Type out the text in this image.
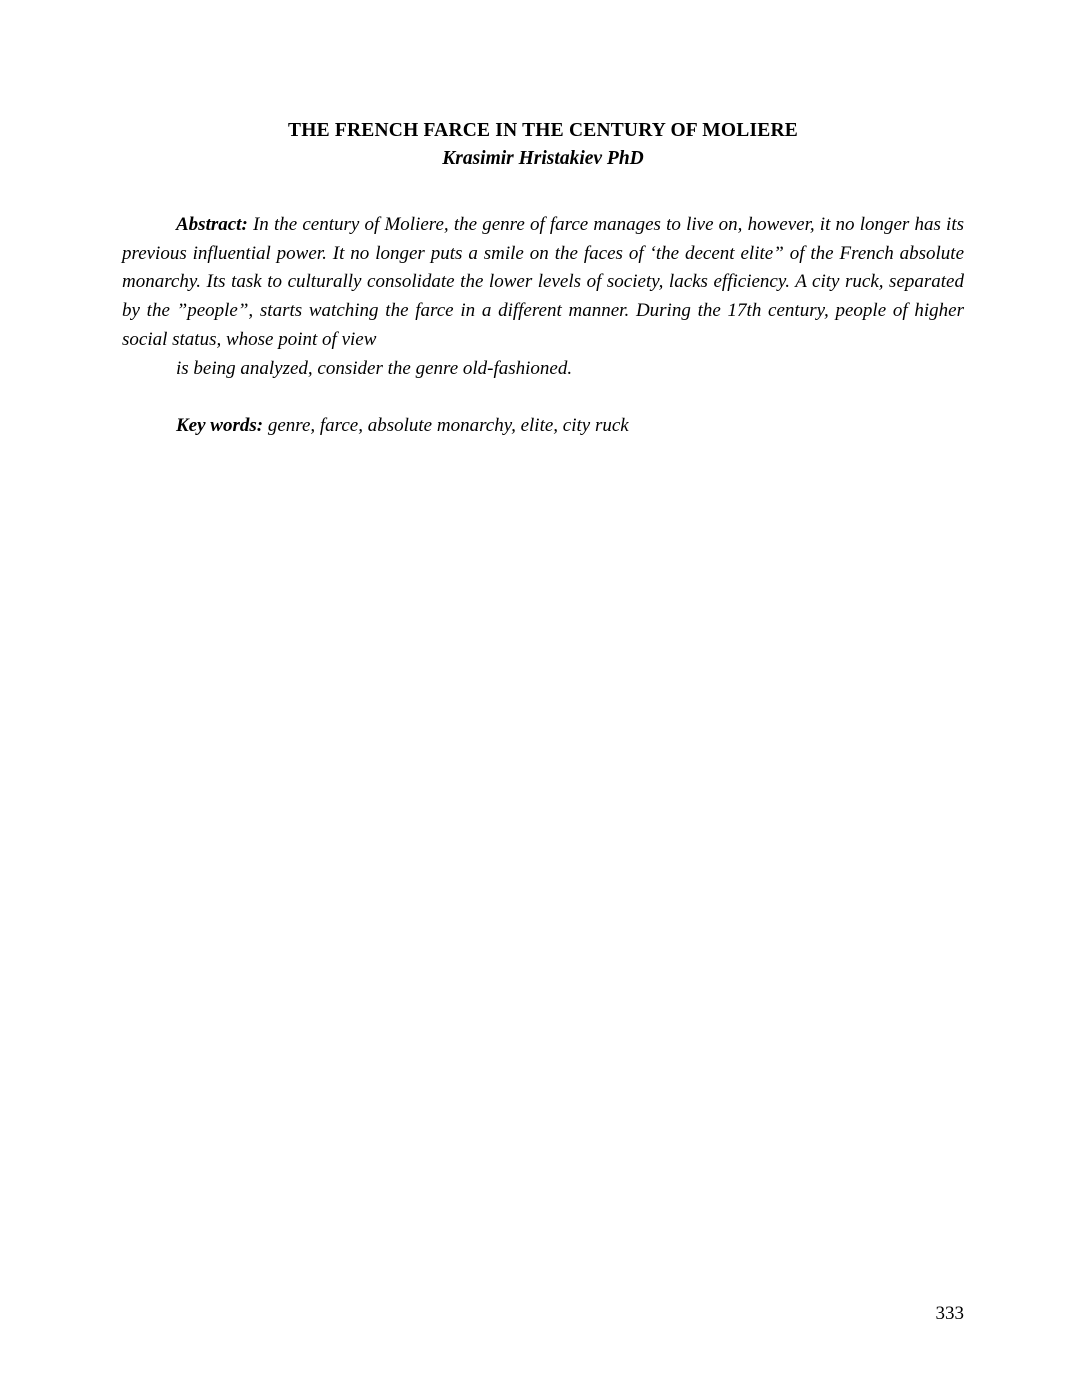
THE FRENCH FARCE IN THE CENTURY OF MOLIERE
Krasimir Hristakiev PhD

Abstract: In the century of Moliere, the genre of farce manages to live on, however, it no longer has its previous influential power. It no longer puts a smile on the faces of ‘the decent elite” of the French absolute monarchy. Its task to culturally consolidate the lower levels of society, lacks efficiency. A city ruck, separated by the ”people”, starts watching the farce in a different manner. During the 17th century, people of higher social status, whose point of view
is being analyzed, consider the genre old-fashioned.

Key words: genre, farce, absolute monarchy, elite, city ruck

333
